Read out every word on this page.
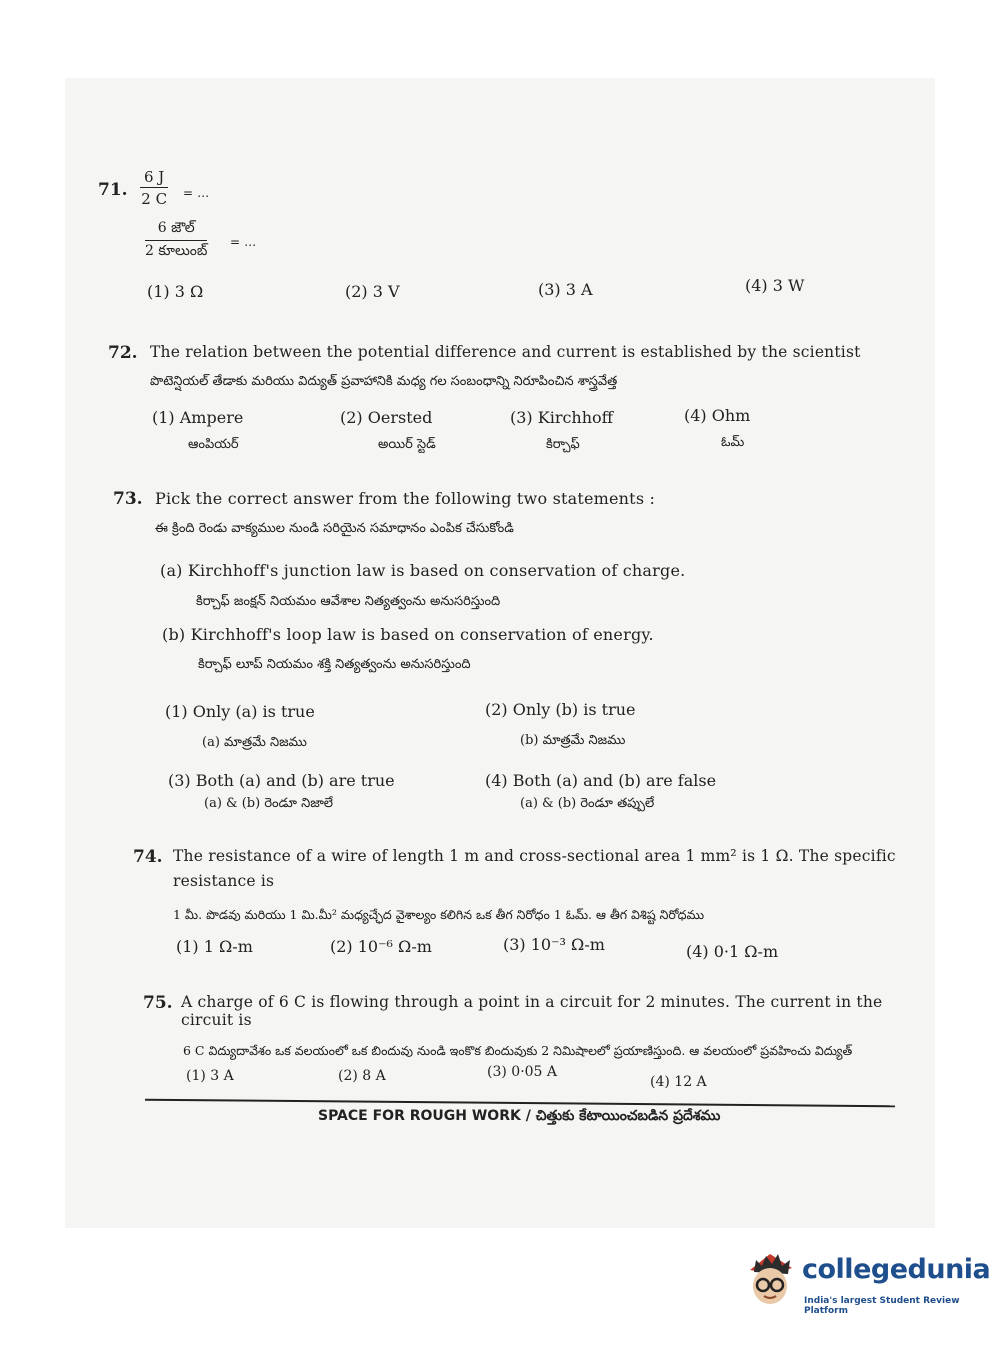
71. $\frac{6 J}{2 C}$ = ...
6 జౌల్
2 కూలుంబ్
= ...
(1) 3 Ω	(2) 3 V	(3) 3 A	(4) 3 W
72. The relation between the potential difference and current is established by the scientist
పొటెన్షియల్ తేడాకు మరియు విద్యుత్ ప్రవాహానికి మధ్య గల సంబంధాన్ని నిరూపించిన శాస్త్రవేత్త
(1) Ampere
ఆంపియర్
(2) Oersted
అయిర్ స్టెడ్
(3) Kirchhoff
కిర్చాఫ్
(4) Ohm
ఓమ్
73. Pick the correct answer from the following two statements :
ఈ క్రింది రెండు వాక్యముల నుండి సరియైన సమాధానం ఎంపిక చేసుకోండి
(a) Kirchhoff's junction law is based on conservation of charge.
కిర్చాఫ్ జంక్షన్ నియమం ఆవేశాల నిత్యత్వంను అనుసరిస్తుంది
(b) Kirchhoff's loop law is based on conservation of energy.
కిర్చాఫ్ లూప్ నియమం శక్తి నిత్యత్వంను అనుసరిస్తుంది
(1) Only (a) is true
(a) మాత్రమే నిజము
(2) Only (b) is true
(b) మాత్రమే నిజము
(3) Both (a) and (b) are true
(a) & (b) రెండూ నిజాలే
(4) Both (a) and (b) are false
(a) & (b) రెండూ తప్పులే
74. The resistance of a wire of length 1 m and cross-sectional area 1 mm² is 1 Ω. The specific
resistance is
1 మీ. పొడవు మరియు 1 మి.మీ² మధ్యచ్ఛేద వైశాల్యం కలిగిన ఒక తీగ నిరోధం 1 ఓమ్. ఆ తీగ విశిష్ట నిరోధము
(1) 1 Ω-m	(2) 10⁻⁶ Ω-m	(3) 10⁻³ Ω-m	(4) 0·1 Ω-m
75. A charge of 6 C is flowing through a point in a circuit for 2 minutes. The current in the
circuit is
6 C విద్యుదావేశం ఒక వలయంలో ఒక బిందువు నుండి ఇంకొక బిందువుకు 2 నిమిషాలలో ప్రయాణిస్తుంది. ఆ వలయంలో ప్రవహించు విద్యుత్
(1) 3 A	(2) 8 A	(3) 0·05 A
(4) 12 A
SPACE FOR ROUGH WORK / చిత్తుకు కేటాయించబడిన ప్రదేశము
collegedunia
India's largest Student Review Platform
